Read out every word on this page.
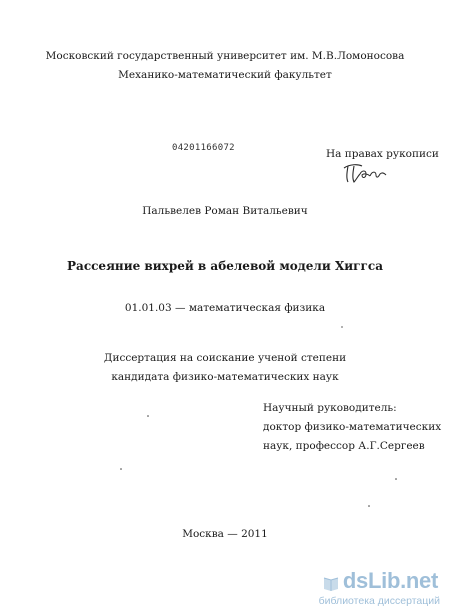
Московский государственный университет им. М.В.Ломоносова
Механико-математический факультет
04201166072	На правах рукописи
Пальвелев Роман Витальевич
Рассеяние вихрей в абелевой модели Хиггса
01.01.03 — математическая физика
Диссертация на соискание ученой степени
кандидата физико-математических наук
Научный руководитель:
доктор физико-математических
наук, профессор А.Г.Сергеев
Москва — 2011
dsLib.net
библиотека диссертаций
